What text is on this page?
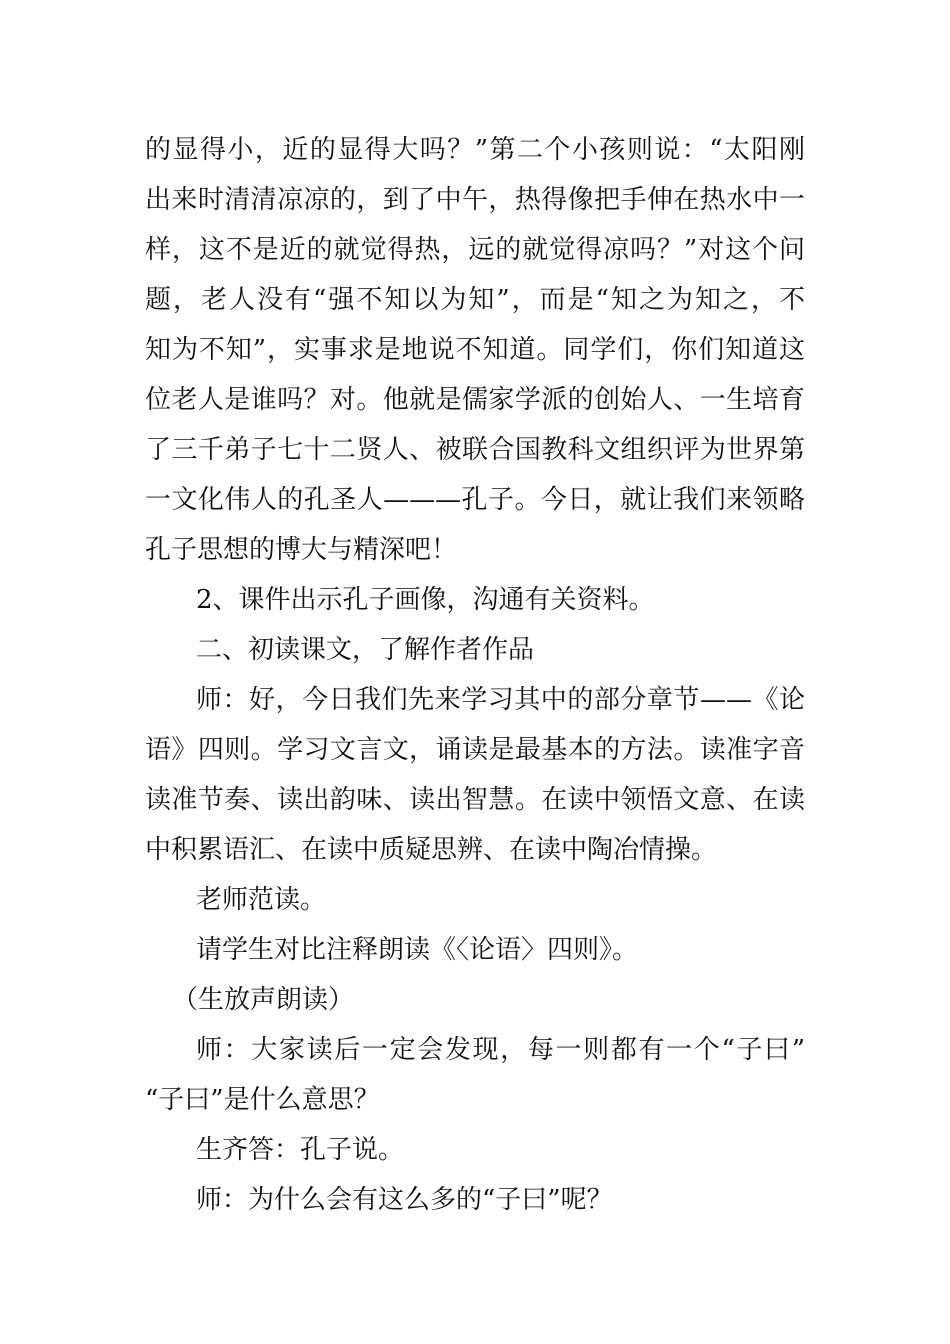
的显得小，近的显得大吗？”第二个小孩则说：“太阳刚

出来时清清凉凉的，到了中午，热得像把手伸在热水中一

样，这不是近的就觉得热，远的就觉得凉吗？”对这个问

题，老人没有“强不知以为知”，而是“知之为知之，不

知为不知”，实事求是地说不知道。同学们，你们知道这

位老人是谁吗？对。他就是儒家学派的创始人、一生培育

了三千弟子七十二贤人、被联合国教科文组织评为世界第

一文化伟人的孔圣人———孔子。今日，就让我们来领略

孔子思想的博大与精深吧！

2、课件出示孔子画像，沟通有关资料。

二、初读课文，了解作者作品

师：好，今日我们先来学习其中的部分章节——《论

语》四则。学习文言文，诵读是最基本的方法。读准字音

读准节奏、读出韵味、读出智慧。在读中领悟文意、在读

中积累语汇、在读中质疑思辨、在读中陶冶情操。

老师范读。

请学生对比注释朗读《〈论语〉四则》。

（生放声朗读）

师：大家读后一定会发现，每一则都有一个“子曰”

“子曰”是什么意思？

生齐答：孔子说。

师：为什么会有这么多的“子曰”呢？
